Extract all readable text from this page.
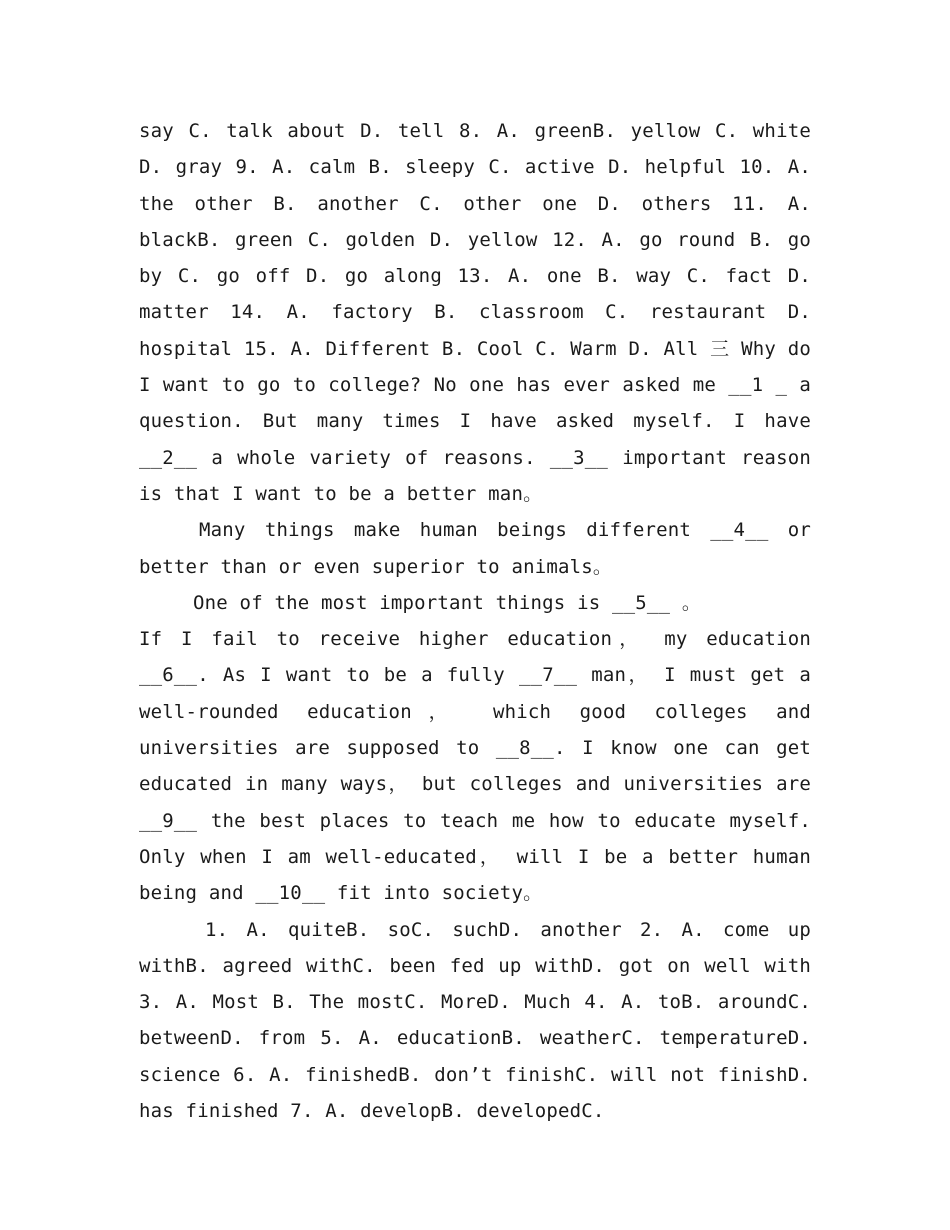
say C. talk about D. tell 8. A. greenB. yellow C. white D. gray 9. A. calm B. sleepy C. active D. helpful 10. A. the other B. another C. other one D. others 11. A. blackB. green C. golden D. yellow 12. A. go round B. go by C. go off D. go along 13. A. one B. way C. fact D. matter 14. A. factory B. classroom C. restaurant D. hospital 15. A. Different B. Cool C. Warm D. All 三 Why do I want to go to college? No one has ever asked me __1 _ a question. But many times I have asked myself. I have __2__ a whole variety of reasons. __3__ important reason is that I want to be a better man。

Many things make human beings different __4__ or better than or even superior to animals。

One of the most important things is __5__ 。

If I fail to receive higher education， my education __6__. As I want to be a fully __7__ man， I must get a well-rounded education， which good colleges and universities are supposed to __8__. I know one can get educated in many ways， but colleges and universities are __9__ the best places to teach me how to educate myself. Only when I am well-educated， will I be a better human being and __10__ fit into society。

1. A. quiteB. soC. suchD. another 2. A. come up withB. agreed withC. been fed up withD. got on well with 3. A. Most B. The mostC. MoreD. Much 4. A. toB. aroundC. betweenD. from 5. A. educationB. weatherC. temperatureD. science 6. A. finishedB. don’t finishC. will not finishD. has finished 7. A. developB. developedC.
